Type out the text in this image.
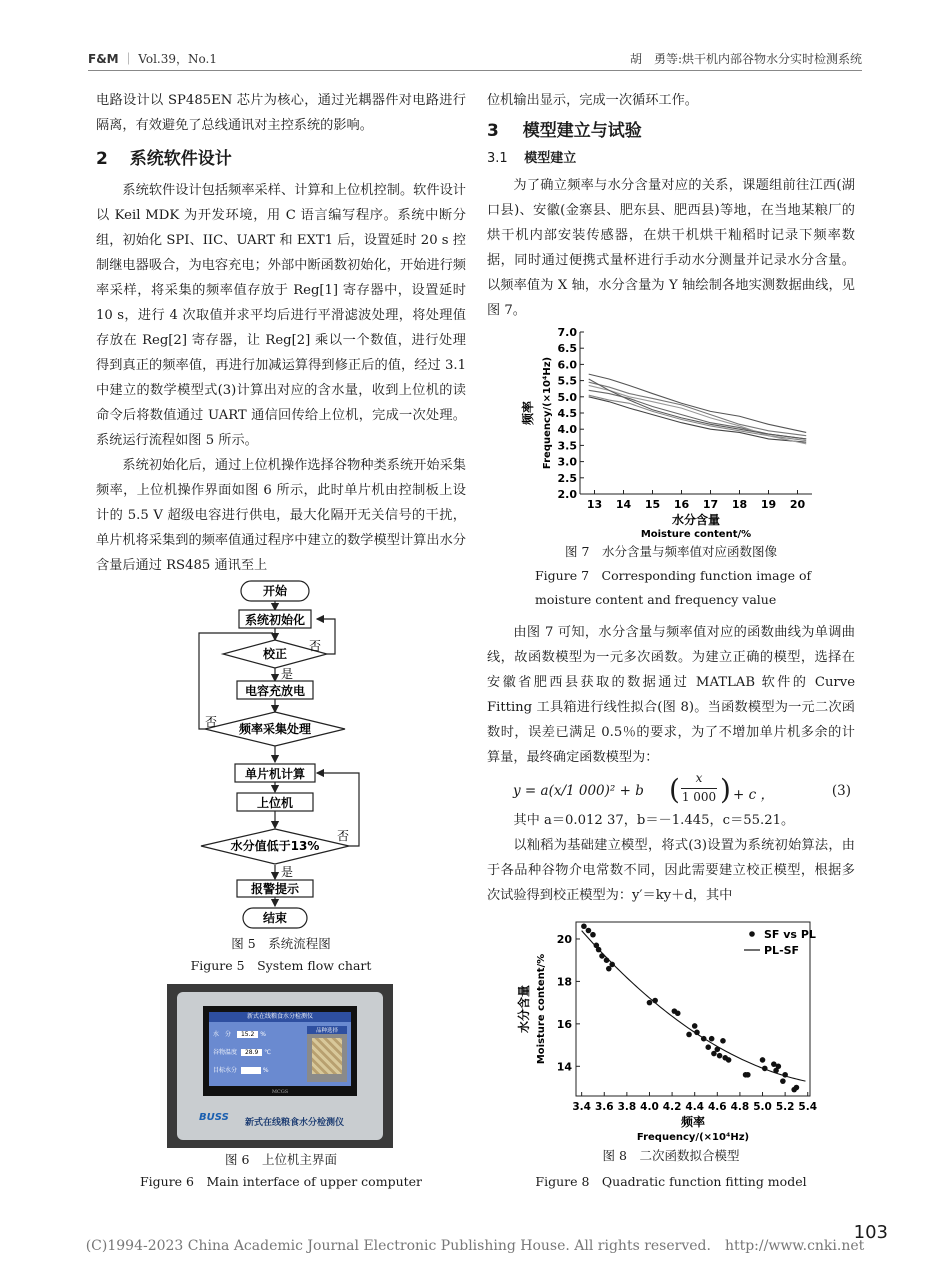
F&M ｜ Vol.39，No.1	胡　勇等:烘干机内部谷物水分实时检测系统

电路设计以 SP485EN 芯片为核心，通过光耦器件对电路进行隔离，有效避免了总线通讯对主控系统的影响。

2 系统软件设计

系统软件设计包括频率采样、计算和上位机控制。软件设计以 Keil MDK 为开发环境，用 C 语言编写程序。系统中断分组，初始化 SPI、IIC、UART 和 EXT1 后，设置延时 20 s 控制继电器吸合，为电容充电；外部中断函数初始化，开始进行频率采样，将采集的频率值存放于 Reg[1] 寄存器中，设置延时 10 s，进行 4 次取值并求平均后进行平滑滤波处理，将处理值存放在 Reg[2] 寄存器，让 Reg[2] 乘以一个数值，进行处理得到真正的频率值，再进行加减运算得到修正后的值，经过 3.1 中建立的数学模型式(3)计算出对应的含水量，收到上位机的读命令后将数值通过 UART 通信回传给上位机，完成一次处理。系统运行流程如图 5 所示。

系统初始化后，通过上位机操作选择谷物种类系统开始采集频率，上位机操作界面如图 6 所示，此时单片机由控制板上设计的 5.5 V 超级电容进行供电，最大化隔开无关信号的干扰，单片机将采集到的频率值通过程序中建立的数学模型计算出水分含量后通过 RS485 通讯至上

开始
系统初始化
校正
否
是
电容充放电
频率采集处理
否
单片机计算
上位机
水分值低于13%
否
是
报警提示
结束
图 5　系统流程图
Figure 5　System flow chart
新式在线粮食水分检测仪
水　分 15.2 %
谷物温度 28.9 ℃
目标水分	%
品种选择
MCGS
BUSS 新式在线粮食水分检测仪
图 6　上位机主界面
Figure 6　Main interface of upper computer

位机输出显示，完成一次循环工作。

3 模型建立与试验
3.1 模型建立

为了确立频率与水分含量对应的关系，课题组前往江西(湖口县)、安徽(金寨县、肥东县、肥西县)等地，在当地某粮厂的烘干机内部安装传感器，在烘干机烘干籼稻时记录下频率数据，同时通过便携式量杯进行手动水分测量并记录水分含量。以频率值为 X 轴，水分含量为 Y 轴绘制各地实测数据曲线，见图 7。

2.0
2.5
3.0
3.5
4.0
4.5
5.0
5.5
6.0
6.5
7.0
13 14 15 16 17 18 19 20
水分含量
Moisture content/%
频率 Frequency/(×10⁴Hz)
图 7　水分含量与频率值对应函数图像
Figure 7　Corresponding function image of moisture content and frequency value

由图 7 可知，水分含量与频率值对应的函数曲线为单调曲线，故函数模型为一元多次函数。为建立正确的模型，选择在安徽省肥西县获取的数据通过 MATLAB 软件的 Curve Fitting 工具箱进行线性拟合(图 8)。当函数模型为一元二次函数时，误差已满足 0.5％的要求，为了不增加单片机多余的计算量，最终确定函数模型为：

y = a(x/1 000)² + b (	x
1 000 ) + c ，	(3)

其中 a＝0.012 37，b＝－1.445，c＝55.21。

以籼稻为基础建立模型，将式(3)设置为系统初始算法，由于各品种谷物介电常数不同，因此需要建立校正模型，根据多次试验得到校正模型为：y′＝ky＋d，其中

14
16
18
20
3.4 3.6 3.8 4.0 4.2 4.4 4.6 4.8 5.0 5.2 5.4
SF vs PL
PL-SF
频率
Frequency/(×10⁴Hz)
水分含量 Moisture content/%
图 8　二次函数拟合模型
Figure 8　Quadratic function fitting model
(C)1994-2023 China Academic Journal Electronic Publishing House. All rights reserved.　http://www.cnki.net
103
